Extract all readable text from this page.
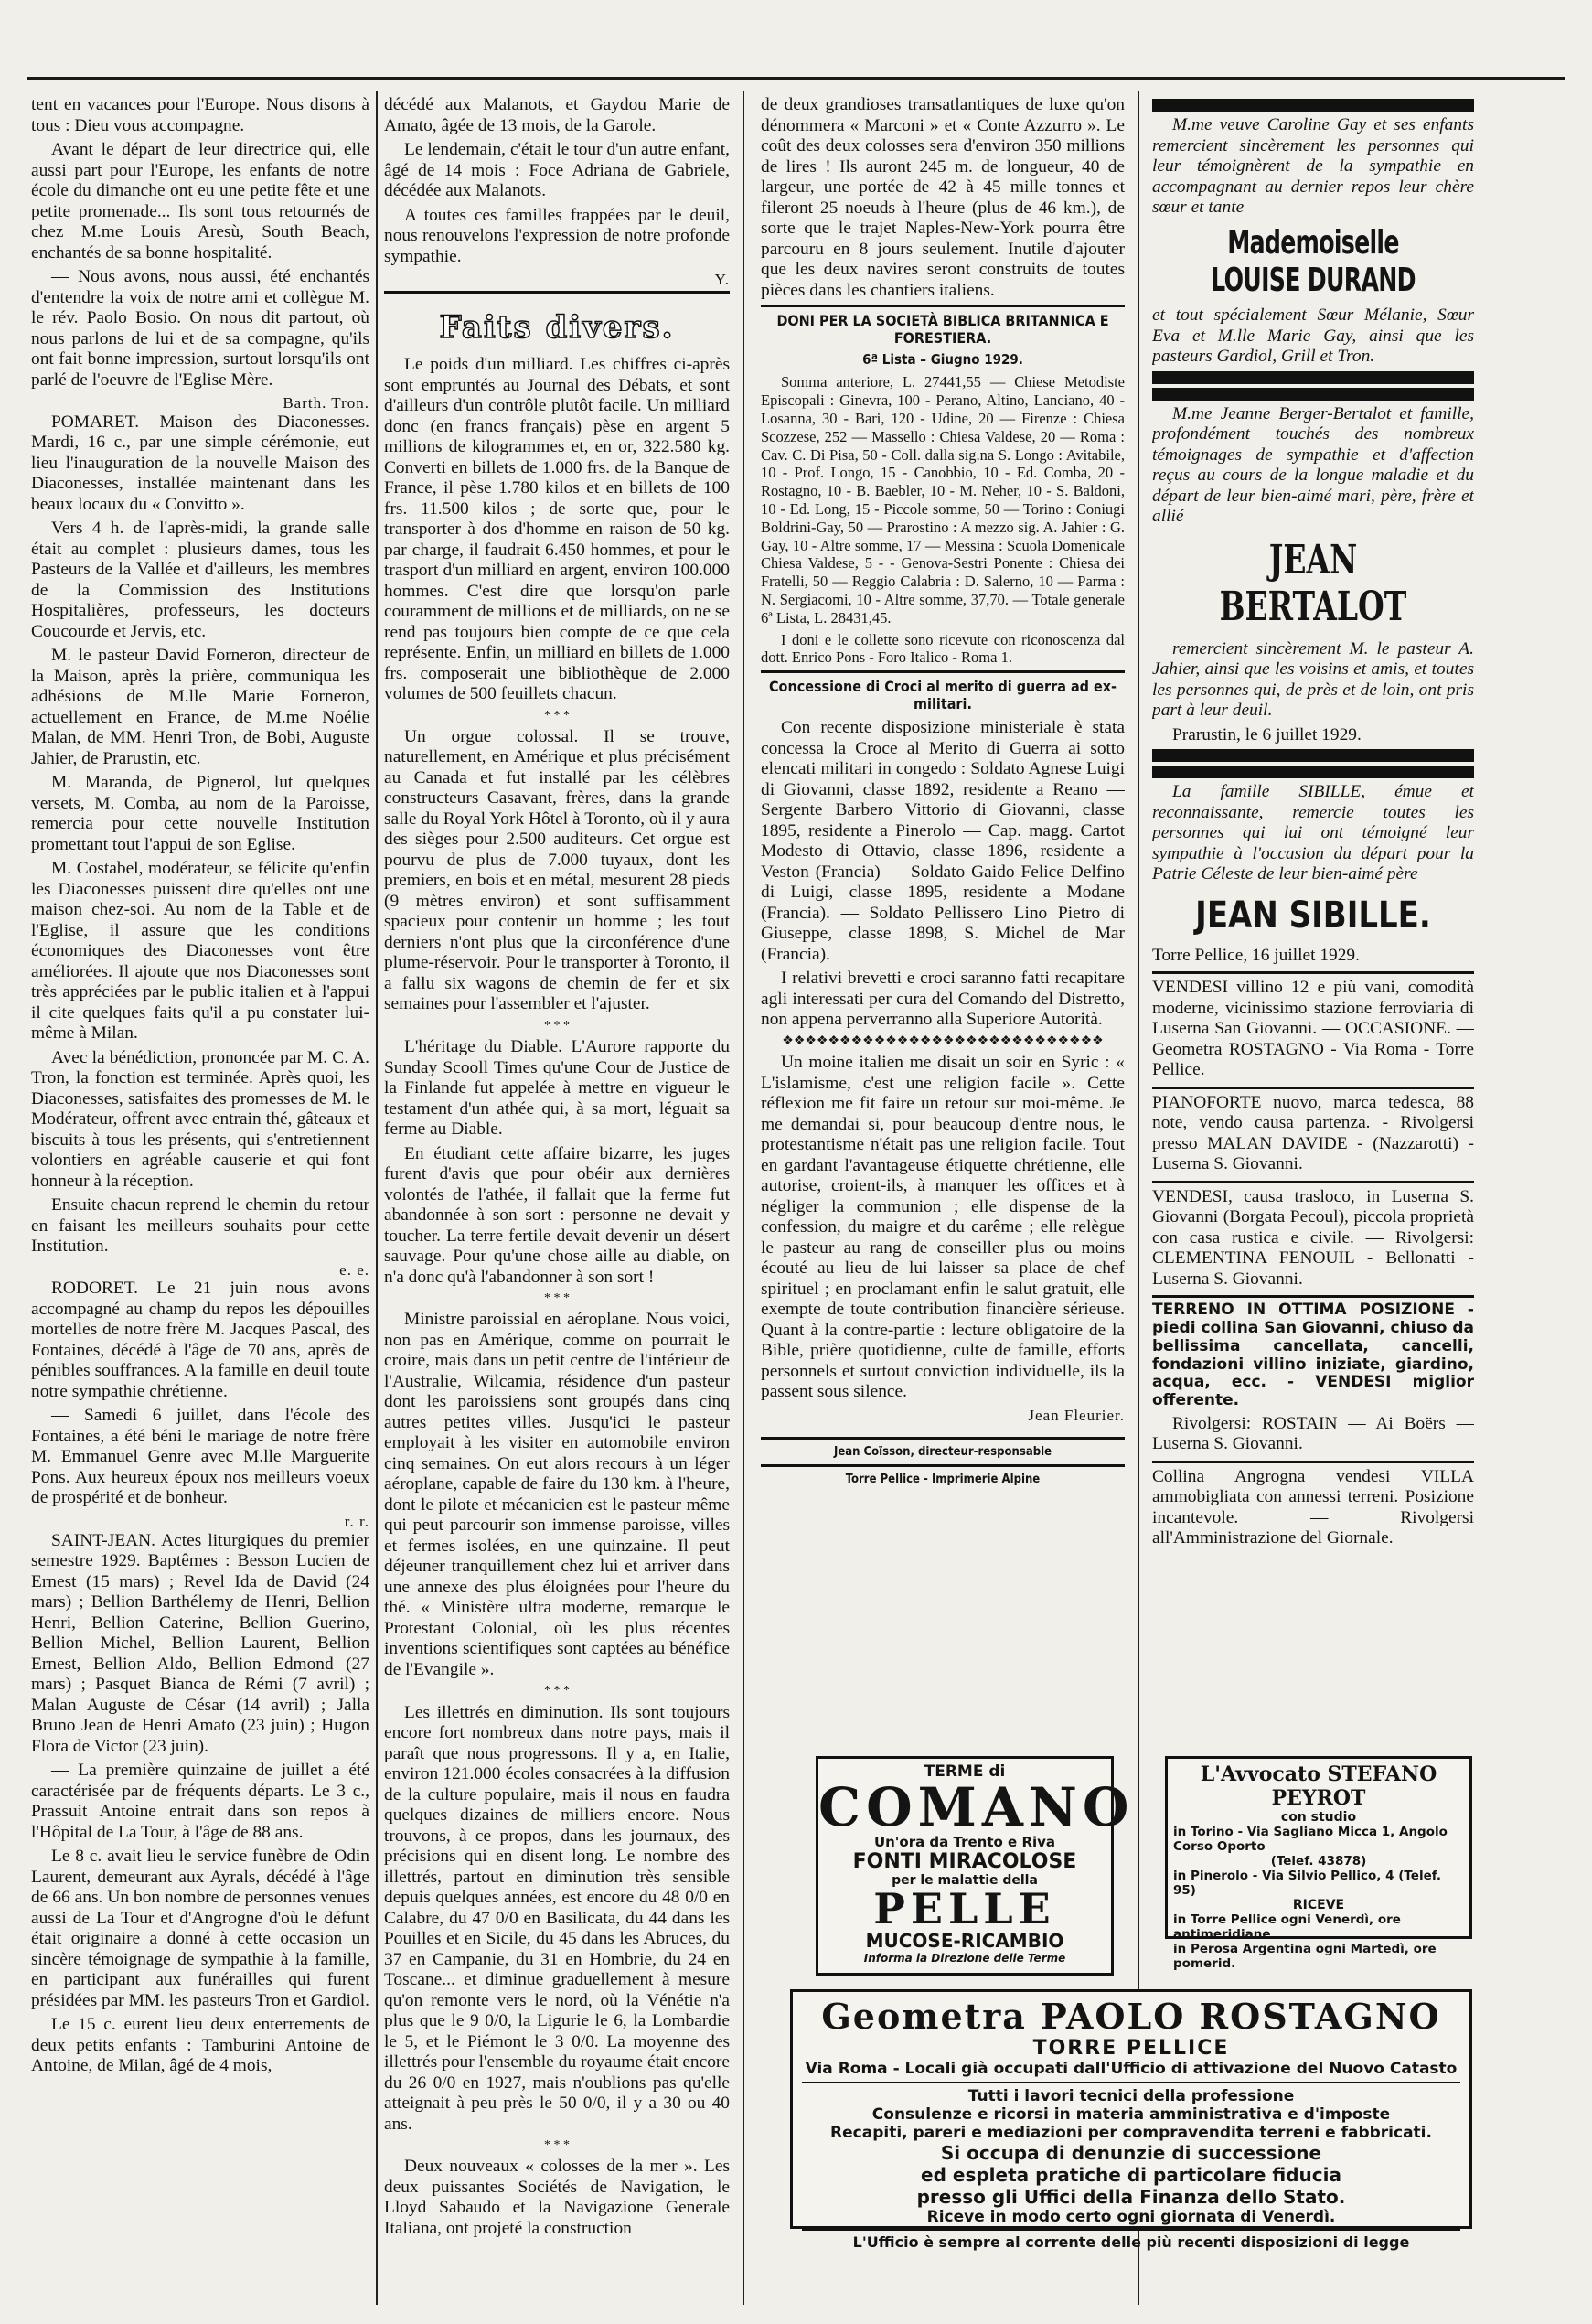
tent en vacances pour l'Europe. Nous disons à tous : Dieu vous accompagne.

Avant le départ de leur directrice qui, elle aussi part pour l'Europe, les enfants de notre école du dimanche ont eu une petite fête et une petite promenade... Ils sont tous retournés de chez M.me Louis Aresù, South Beach, enchantés de sa bonne hospitalité.

— Nous avons, nous aussi, été enchantés d'entendre la voix de notre ami et collègue M. le rév. Paolo Bosio. On nous dit partout, où nous parlons de lui et de sa compagne, qu'ils ont fait bonne impression, surtout lorsqu'ils ont parlé de l'oeuvre de l'Eglise Mère.

Barth. Tron.

POMARET. Maison des Diaconesses. Mardi, 16 c., par une simple cérémonie, eut lieu l'inauguration de la nouvelle Maison des Diaconesses, installée maintenant dans les beaux locaux du « Convitto ».

Vers 4 h. de l'après-midi, la grande salle était au complet : plusieurs dames, tous les Pasteurs de la Vallée et d'ailleurs, les membres de la Commission des Institutions Hospitalières, professeurs, les docteurs Coucourde et Jervis, etc.

M. le pasteur David Forneron, directeur de la Maison, après la prière, communiqua les adhésions de M.lle Marie Forneron, actuellement en France, de M.me Noélie Malan, de MM. Henri Tron, de Bobi, Auguste Jahier, de Prarustin, etc.

M. Maranda, de Pignerol, lut quelques versets, M. Comba, au nom de la Paroisse, remercia pour cette nouvelle Institution promettant tout l'appui de son Eglise.

M. Costabel, modérateur, se félicite qu'enfin les Diaconesses puissent dire qu'elles ont une maison chez-soi. Au nom de la Table et de l'Eglise, il assure que les conditions économiques des Diaconesses vont être améliorées. Il ajoute que nos Diaconesses sont très appréciées par le public italien et à l'appui il cite quelques faits qu'il a pu constater lui-même à Milan.

Avec la bénédiction, prononcée par M. C. A. Tron, la fonction est terminée. Après quoi, les Diaconesses, satisfaites des promesses de M. le Modérateur, offrent avec entrain thé, gâteaux et biscuits à tous les présents, qui s'entretiennent volontiers en agréable causerie et qui font honneur à la réception.

Ensuite chacun reprend le chemin du retour en faisant les meilleurs souhaits pour cette Institution.

e. e.

RODORET. Le 21 juin nous avons accompagné au champ du repos les dépouilles mortelles de notre frère M. Jacques Pascal, des Fontaines, décédé à l'âge de 70 ans, après de pénibles souffrances. A la famille en deuil toute notre sympathie chrétienne.

— Samedi 6 juillet, dans l'école des Fontaines, a été béni le mariage de notre frère M. Emmanuel Genre avec M.lle Marguerite Pons. Aux heureux époux nos meilleurs voeux de prospérité et de bonheur.

r. r.

SAINT-JEAN. Actes liturgiques du premier semestre 1929. Baptêmes : Besson Lucien de Ernest (15 mars) ; Revel Ida de David (24 mars) ; Bellion Barthélemy de Henri, Bellion Henri, Bellion Caterine, Bellion Guerino, Bellion Michel, Bellion Laurent, Bellion Ernest, Bellion Aldo, Bellion Edmond (27 mars) ; Pasquet Bianca de Rémi (7 avril) ; Malan Auguste de César (14 avril) ; Jalla Bruno Jean de Henri Amato (23 juin) ; Hugon Flora de Victor (23 juin).

— La première quinzaine de juillet a été caractérisée par de fréquents départs. Le 3 c., Prassuit Antoine entrait dans son repos à l'Hôpital de La Tour, à l'âge de 88 ans.

Le 8 c. avait lieu le service funèbre de Odin Laurent, demeurant aux Ayrals, décédé à l'âge de 66 ans. Un bon nombre de personnes venues aussi de La Tour et d'Angrogne d'où le défunt était originaire a donné à cette occasion un sincère témoignage de sympathie à la famille, en participant aux funérailles qui furent présidées par MM. les pasteurs Tron et Gardiol.

Le 15 c. eurent lieu deux enterrements de deux petits enfants : Tamburini Antoine de Antoine, de Milan, âgé de 4 mois,

décédé aux Malanots, et Gaydou Marie de Amato, âgée de 13 mois, de la Garole.

Le lendemain, c'était le tour d'un autre enfant, âgé de 14 mois : Foce Adriana de Gabriele, décédée aux Malanots.

A toutes ces familles frappées par le deuil, nous renouvelons l'expression de notre profonde sympathie.

Y.
Faits divers.

Le poids d'un milliard. Les chiffres ci-après sont empruntés au Journal des Débats, et sont d'ailleurs d'un contrôle plutôt facile. Un milliard donc (en francs français) pèse en argent 5 millions de kilogrammes et, en or, 322.580 kg. Converti en billets de 1.000 frs. de la Banque de France, il pèse 1.780 kilos et en billets de 100 frs. 11.500 kilos ; de sorte que, pour le transporter à dos d'homme en raison de 50 kg. par charge, il faudrait 6.450 hommes, et pour le trasport d'un milliard en argent, environ 100.000 hommes. C'est dire que lorsqu'on parle couramment de millions et de milliards, on ne se rend pas toujours bien compte de ce que cela représente. Enfin, un milliard en billets de 1.000 frs. composerait une bibliothèque de 2.000 volumes de 500 feuillets chacun.

* * *

Un orgue colossal. Il se trouve, naturellement, en Amérique et plus précisément au Canada et fut installé par les célèbres constructeurs Casavant, frères, dans la grande salle du Royal York Hôtel à Toronto, où il y aura des sièges pour 2.500 auditeurs. Cet orgue est pourvu de plus de 7.000 tuyaux, dont les premiers, en bois et en métal, mesurent 28 pieds (9 mètres environ) et sont suffisamment spacieux pour contenir un homme ; les tout derniers n'ont plus que la circonférence d'une plume-réservoir. Pour le transporter à Toronto, il a fallu six wagons de chemin de fer et six semaines pour l'assembler et l'ajuster.

* * *

L'héritage du Diable. L'Aurore rapporte du Sunday Scooll Times qu'une Cour de Justice de la Finlande fut appelée à mettre en vigueur le testament d'un athée qui, à sa mort, léguait sa ferme au Diable.

En étudiant cette affaire bizarre, les juges furent d'avis que pour obéir aux dernières volontés de l'athée, il fallait que la ferme fut abandonnée à son sort : personne ne devait y toucher. La terre fertile devait devenir un désert sauvage. Pour qu'une chose aille au diable, on n'a donc qu'à l'abandonner à son sort !

* * *

Ministre paroissial en aéroplane. Nous voici, non pas en Amérique, comme on pourrait le croire, mais dans un petit centre de l'intérieur de l'Australie, Wilcamia, résidence d'un pasteur dont les paroissiens sont groupés dans cinq autres petites villes. Jusqu'ici le pasteur employait à les visiter en automobile environ cinq semaines. On eut alors recours à un léger aéroplane, capable de faire du 130 km. à l'heure, dont le pilote et mécanicien est le pasteur même qui peut parcourir son immense paroisse, villes et fermes isolées, en une quinzaine. Il peut déjeuner tranquillement chez lui et arriver dans une annexe des plus éloignées pour l'heure du thé. « Ministère ultra moderne, remarque le Protestant Colonial, où les plus récentes inventions scientifiques sont captées au bénéfice de l'Evangile ».

* * *

Les illettrés en diminution. Ils sont toujours encore fort nombreux dans notre pays, mais il paraît que nous progressons. Il y a, en Italie, environ 121.000 écoles consacrées à la diffusion de la culture populaire, mais il nous en faudra quelques dizaines de milliers encore. Nous trouvons, à ce propos, dans les journaux, des précisions qui en disent long. Le nombre des illettrés, partout en diminution très sensible depuis quelques années, est encore du 48 0/0 en Calabre, du 47 0/0 en Basilicata, du 44 dans les Pouilles et en Sicile, du 45 dans les Abruces, du 37 en Campanie, du 31 en Hombrie, du 24 en Toscane... et diminue graduellement à mesure qu'on remonte vers le nord, où la Vénétie n'a plus que le 9 0/0, la Ligurie le 6, la Lombardie le 5, et le Piémont le 3 0/0. La moyenne des illettrés pour l'ensemble du royaume était encore du 26 0/0 en 1927, mais n'oublions pas qu'elle atteignait à peu près le 50 0/0, il y a 30 ou 40 ans.

* * *

Deux nouveaux « colosses de la mer ». Les deux puissantes Sociétés de Navigation, le Lloyd Sabaudo et la Navigazione Generale Italiana, ont projeté la construction

de deux grandioses transatlantiques de luxe qu'on dénommera « Marconi » et « Conte Azzurro ». Le coût des deux colosses sera d'environ 350 millions de lires ! Ils auront 245 m. de longueur, 40 de largeur, une portée de 42 à 45 mille tonnes et fileront 25 noeuds à l'heure (plus de 46 km.), de sorte que le trajet Naples-New-York pourra être parcouru en 8 jours seulement. Inutile d'ajouter que les deux navires seront construits de toutes pièces dans les chantiers italiens.

DONI PER LA SOCIETÀ BIBLICA BRITANNICA E FORESTIERA.
6ª Lista – Giugno 1929.

Somma anteriore, L. 27441,55 — Chiese Metodiste Episcopali : Ginevra, 100 - Perano, Altino, Lanciano, 40 - Losanna, 30 - Bari, 120 - Udine, 20 — Firenze : Chiesa Scozzese, 252 — Massello : Chiesa Valdese, 20 — Roma : Cav. C. Di Pisa, 50 - Coll. dalla sig.na S. Longo : Avitabile, 10 - Prof. Longo, 15 - Canobbio, 10 - Ed. Comba, 20 - Rostagno, 10 - B. Baebler, 10 - M. Neher, 10 - S. Baldoni, 10 - Ed. Long, 15 - Piccole somme, 50 — Torino : Coniugi Boldrini-Gay, 50 — Prarostino : A mezzo sig. A. Jahier : G. Gay, 10 - Altre somme, 17 — Messina : Scuola Domenicale Chiesa Valdese, 5 - - Genova-Sestri Ponente : Chiesa dei Fratelli, 50 — Reggio Calabria : D. Salerno, 10 — Parma : N. Sergiacomi, 10 - Altre somme, 37,70. — Totale generale 6ª Lista, L. 28431,45.

I doni e le collette sono ricevute con riconoscenza dal dott. Enrico Pons - Foro Italico - Roma 1.

Concessione di Croci al merito di guerra ad ex-militari.

Con recente disposizione ministeriale è stata concessa la Croce al Merito di Guerra ai sotto elencati militari in congedo : Soldato Agnese Luigi di Giovanni, classe 1892, residente a Reano — Sergente Barbero Vittorio di Giovanni, classe 1895, residente a Pinerolo — Cap. magg. Cartot Modesto di Ottavio, classe 1896, residente a Veston (Francia) — Soldato Gaido Felice Delfino di Luigi, classe 1895, residente a Modane (Francia). — Soldato Pellissero Lino Pietro di Giuseppe, classe 1898, S. Michel de Mar (Francia).

I relativi brevetti e croci saranno fatti recapitare agli interessati per cura del Comando del Distretto, non appena perverranno alla Superiore Autorità.

❖❖❖❖❖❖❖❖❖❖❖❖❖❖❖❖❖❖❖❖❖❖❖❖❖❖❖❖

Un moine italien me disait un soir en Syric : « L'islamisme, c'est une religion facile ». Cette réflexion me fit faire un retour sur moi-même. Je me demandai si, pour beaucoup d'entre nous, le protestantisme n'était pas une religion facile. Tout en gardant l'avantageuse étiquette chrétienne, elle autorise, croient-ils, à manquer les offices et à négliger la communion ; elle dispense de la confession, du maigre et du carême ; elle relègue le pasteur au rang de conseiller plus ou moins écouté au lieu de lui laisser sa place de chef spirituel ; en proclamant enfin le salut gratuit, elle exempte de toute contribution financière sérieuse. Quant à la contre-partie : lecture obligatoire de la Bible, prière quotidienne, culte de famille, efforts personnels et surtout conviction individuelle, ils la passent sous silence.

Jean Fleurier.
Jean Coïsson, directeur-responsable
Torre Pellice - Imprimerie Alpine

M.me veuve Caroline Gay et ses enfants remercient sincèrement les personnes qui leur témoignèrent de la sympathie en accompagnant au dernier repos leur chère sœur et tante

Mademoiselle LOUISE DURAND

et tout spécialement Sœur Mélanie, Sœur Eva et M.lle Marie Gay, ainsi que les pasteurs Gardiol, Grill et Tron.

M.me Jeanne Berger-Bertalot et famille, profondément touchés des nombreux témoignages de sympathie et d'affection reçus au cours de la longue maladie et du départ de leur bien-aimé mari, père, frère et allié

JEAN BERTALOT

remercient sincèrement M. le pasteur A. Jahier, ainsi que les voisins et amis, et toutes les personnes qui, de près et de loin, ont pris part à leur deuil.

Prarustin, le 6 juillet 1929.

La famille SIBILLE, émue et reconnaissante, remercie toutes les personnes qui lui ont témoigné leur sympathie à l'occasion du départ pour la Patrie Céleste de leur bien-aimé père

JEAN SIBILLE.

Torre Pellice, 16 juillet 1929.

VENDESI villino 12 e più vani, comodità moderne, vicinissimo stazione ferroviaria di Luserna San Giovanni. — OCCASIONE. — Geometra ROSTAGNO - Via Roma - Torre Pellice.

PIANOFORTE nuovo, marca tedesca, 88 note, vendo causa partenza. - Rivolgersi presso MALAN DAVIDE - (Nazzarotti) - Luserna S. Giovanni.

VENDESI, causa trasloco, in Luserna S. Giovanni (Borgata Pecoul), piccola proprietà con casa rustica e civile. — Rivolgersi: CLEMENTINA FENOUIL - Bellonatti - Luserna S. Giovanni.

TERRENO IN OTTIMA POSIZIONE - piedi collina San Giovanni, chiuso da bellissima cancellata, cancelli, fondazioni villino iniziate, giardino, acqua, ecc. - VENDESI miglior offerente.

Rivolgersi: ROSTAIN — Ai Boërs — Luserna S. Giovanni.

Collina Angrogna vendesi VILLA ammobigliata con annessi terreni. Posizione incantevole. — Rivolgersi all'Amministrazione del Giornale.

TERME di
COMANO
Un'ora da Trento e Riva
FONTI MIRACOLOSE
per le malattie della
PELLE
MUCOSE-RICAMBIO
Informa la Direzione delle Terme
L'Avvocato STEFANO PEYROT
con studio
in Torino - Via Sagliano Micca 1, Angolo Corso Oporto
(Telef. 43878)
in Pinerolo - Via Silvio Pellico, 4 (Telef. 95)
RICEVE
in Torre Pellice ogni Venerdì, ore antimeridiane
in Perosa Argentina ogni Martedì, ore pomerid.
Geometra PAOLO ROSTAGNO
TORRE PELLICE
Via Roma - Locali già occupati dall'Ufficio di attivazione del Nuovo Catasto
Tutti i lavori tecnici della professione
Consulenze e ricorsi in materia amministrativa e d'imposte
Recapiti, pareri e mediazioni per compravendita terreni e fabbricati.
Si occupa di denunzie di successione
ed espleta pratiche di particolare fiducia
presso gli Uffici della Finanza dello Stato.
Riceve in modo certo ogni giornata di Venerdì.
L'Ufficio è sempre al corrente delle più recenti disposizioni di legge
